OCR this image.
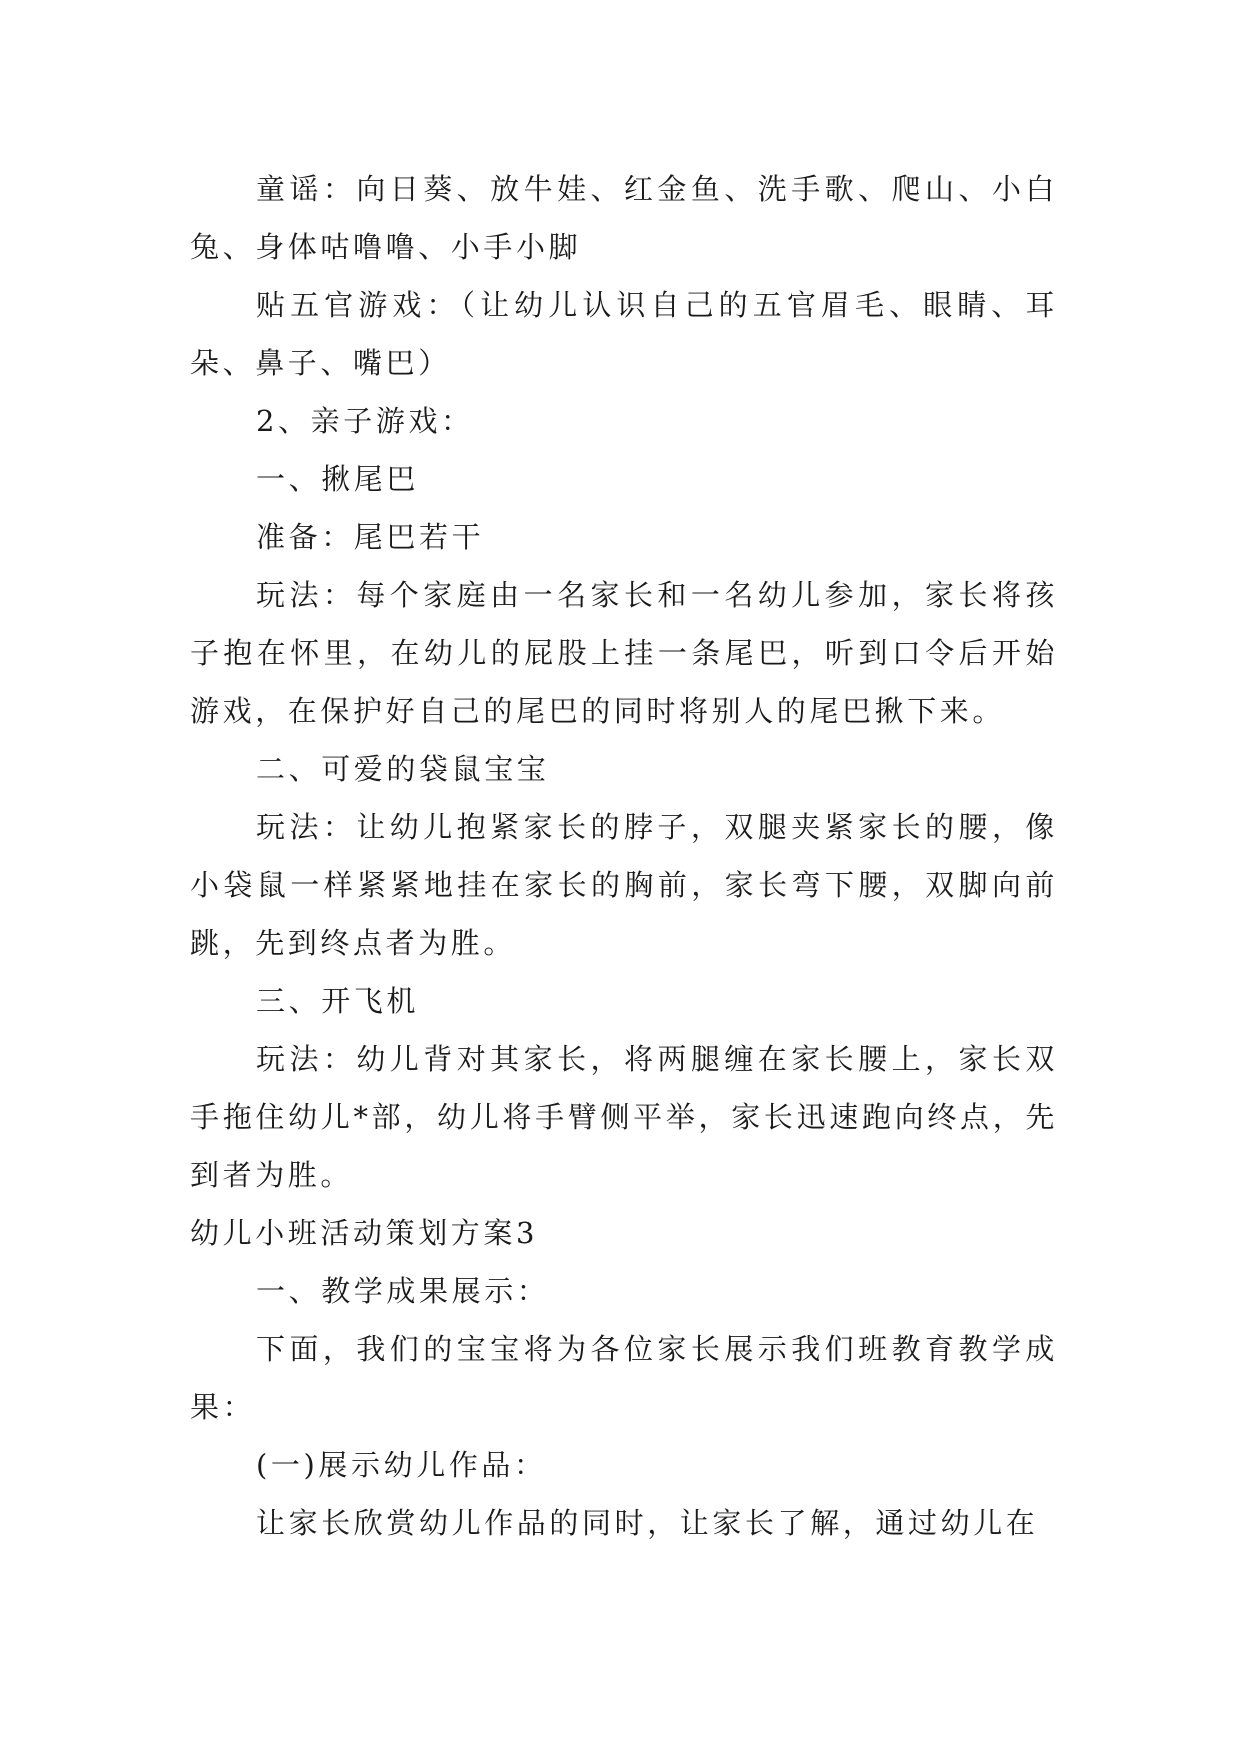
童谣：向日葵、放牛娃、红金鱼、洗手歌、爬山、小白兔、身体咕噜噜、小手小脚

贴五官游戏：（让幼儿认识自己的五官眉毛、眼睛、耳朵、鼻子、嘴巴）

2、亲子游戏：

一、揪尾巴

准备：尾巴若干

玩法：每个家庭由一名家长和一名幼儿参加，家长将孩子抱在怀里，在幼儿的屁股上挂一条尾巴，听到口令后开始游戏，在保护好自己的尾巴的同时将别人的尾巴揪下来。

二、可爱的袋鼠宝宝

玩法：让幼儿抱紧家长的脖子，双腿夹紧家长的腰，像小袋鼠一样紧紧地挂在家长的胸前，家长弯下腰，双脚向前跳，先到终点者为胜。

三、开飞机

玩法：幼儿背对其家长，将两腿缠在家长腰上，家长双手拖住幼儿*部，幼儿将手臂侧平举，家长迅速跑向终点，先到者为胜。

幼儿小班活动策划方案3

一、教学成果展示：

下面，我们的宝宝将为各位家长展示我们班教育教学成果：

(一)展示幼儿作品：

让家长欣赏幼儿作品的同时，让家长了解，通过幼儿在
